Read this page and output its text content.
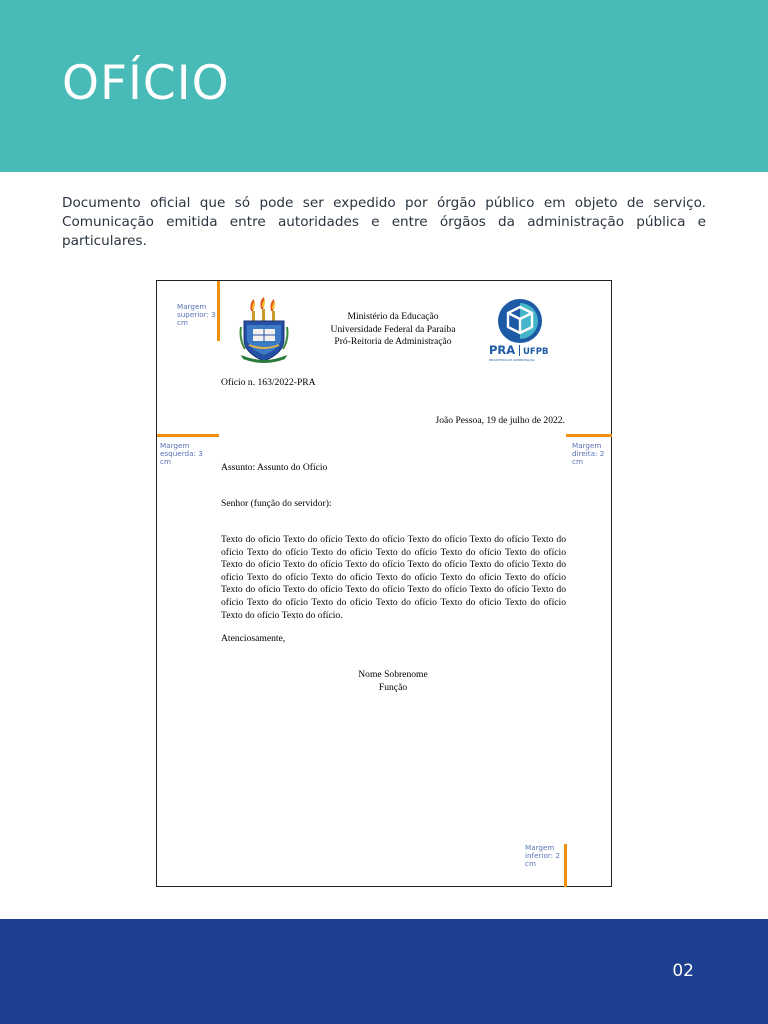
OFÍCIO

Documento oficial que só pode ser expedido por órgão público em objeto de serviço. Comunicação emitida entre autoridades e entre órgãos da administração pública e particulares.

Ministério da Educação
Universidade Federal da Paraíba
Pró-Reitoria de Administração
PRA UFPB
PRÓ-REITORIA DE ADMINISTRAÇÃO
Ofício n. 163/2022-PRA
João Pessoa, 19 de julho de 2022.
Assunto: Assunto do Ofício
Senhor (função do servidor):
Texto do ofício Texto do ofício Texto do ofício Texto do ofício Texto do ofício Texto do ofício Texto do ofício Texto do ofício Texto do ofício Texto do ofício Texto do ofício Texto do ofício Texto do ofício Texto do ofício Texto do ofício Texto do ofício Texto do ofício Texto do ofício Texto do ofício Texto do ofício Texto do ofício Texto do ofício Texto do ofício Texto do ofício Texto do ofício Texto do ofício Texto do ofício Texto do ofício Texto do ofício Texto do ofício Texto do ofício Texto do ofício Texto do ofício Texto do ofício Texto do ofício.
Atenciosamente,
Nome Sobrenome
Função
Margem superior: 3 cm
Margem esquerda: 3 cm
Margem direita: 2 cm
Margem inferior: 2 cm
02
